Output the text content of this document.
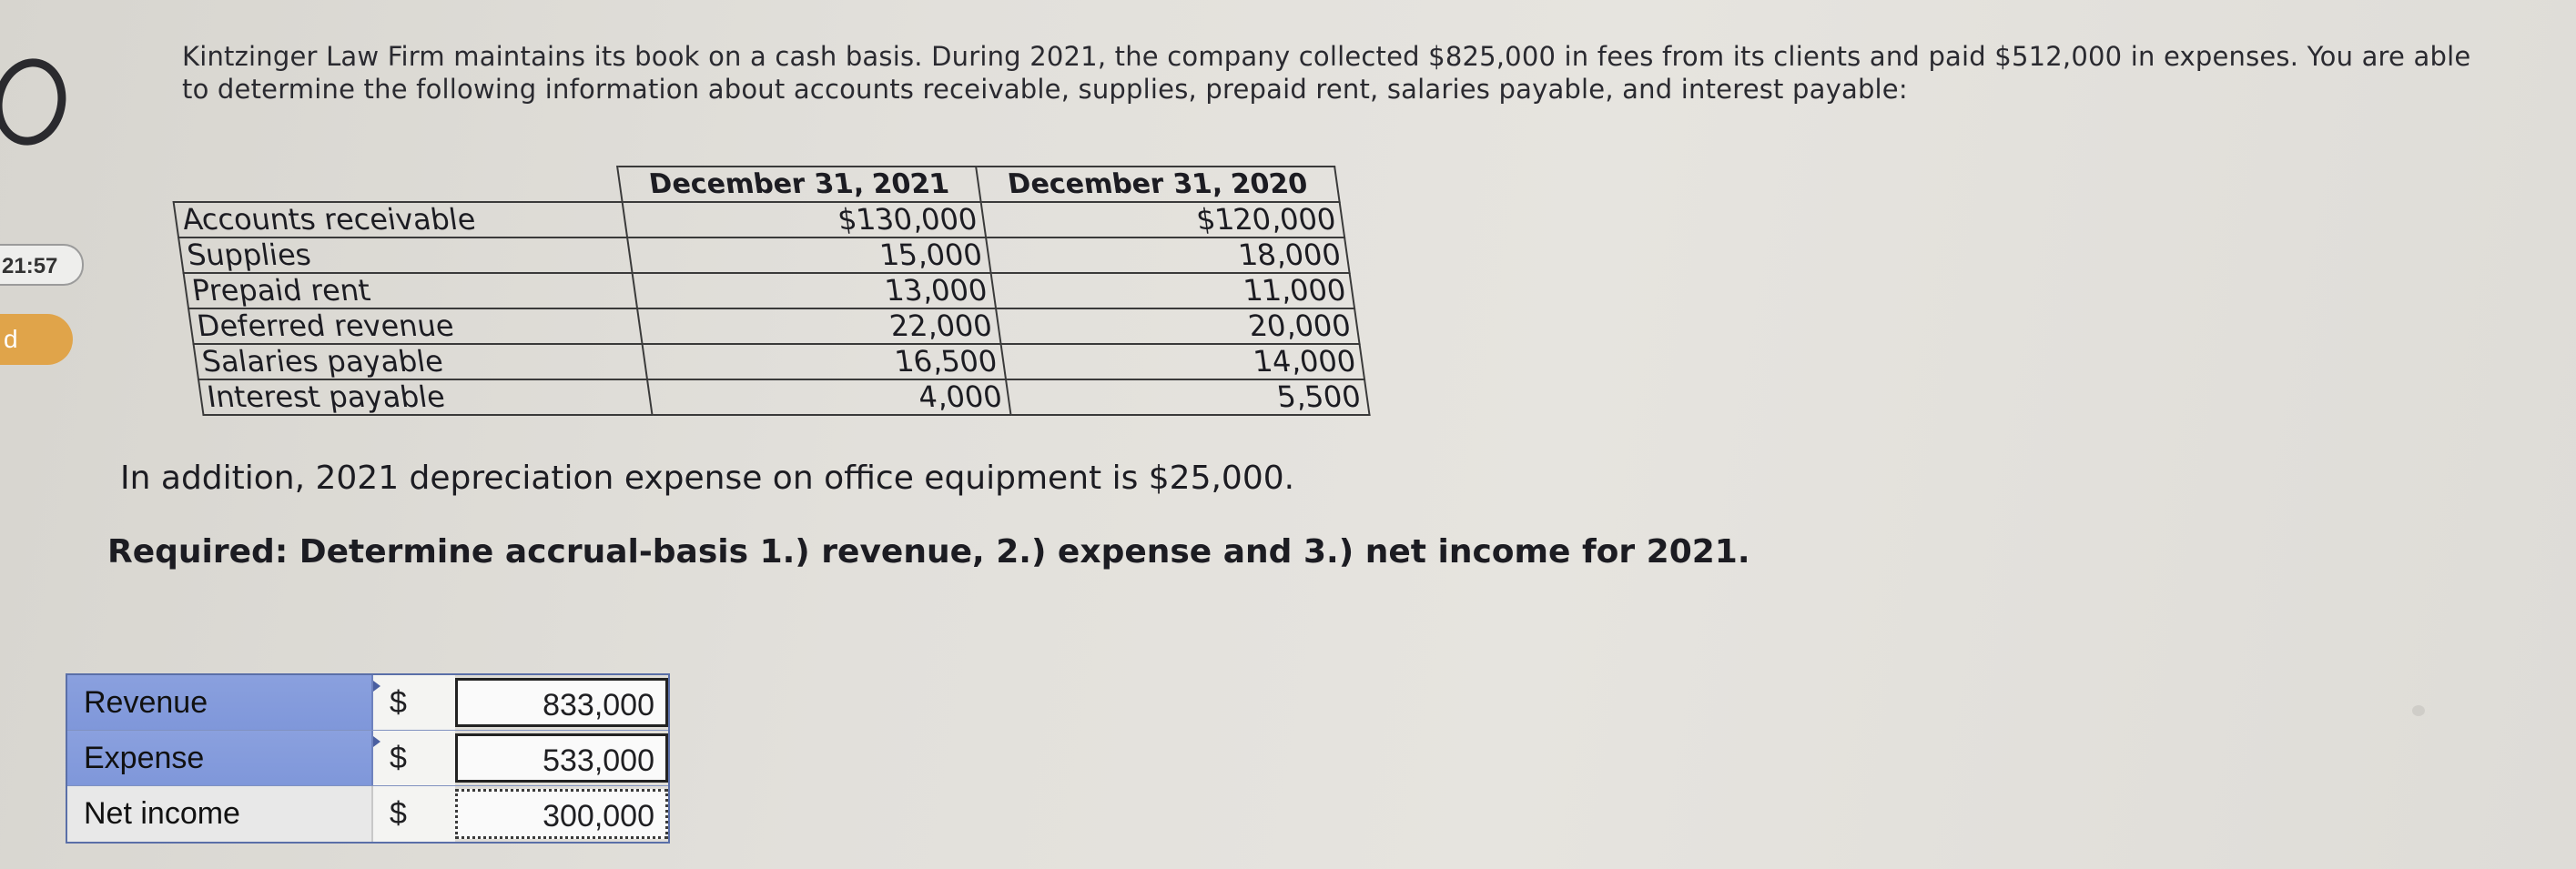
21:57
d
Kintzinger Law Firm maintains its book on a cash basis. During 2021, the company collected $825,000 in fees from its clients and paid $512,000 in expenses. You are able to determine the following information about accounts receivable, supplies, prepaid rent, salaries payable, and interest payable:
	December 31, 2021	December 31, 2020
Accounts receivable	$130,000	$120,000
Supplies	15,000	18,000
Prepaid rent	13,000	11,000
Deferred revenue	22,000	20,000
Salaries payable	16,500	14,000
Interest payable	4,000	5,500
In addition, 2021 depreciation expense on office equipment is $25,000.
Required: Determine accrual-basis 1.) revenue, 2.) expense and 3.) net income for 2021.
Revenue	$	833,000
Expense	$	533,000
Net income	$	300,000
